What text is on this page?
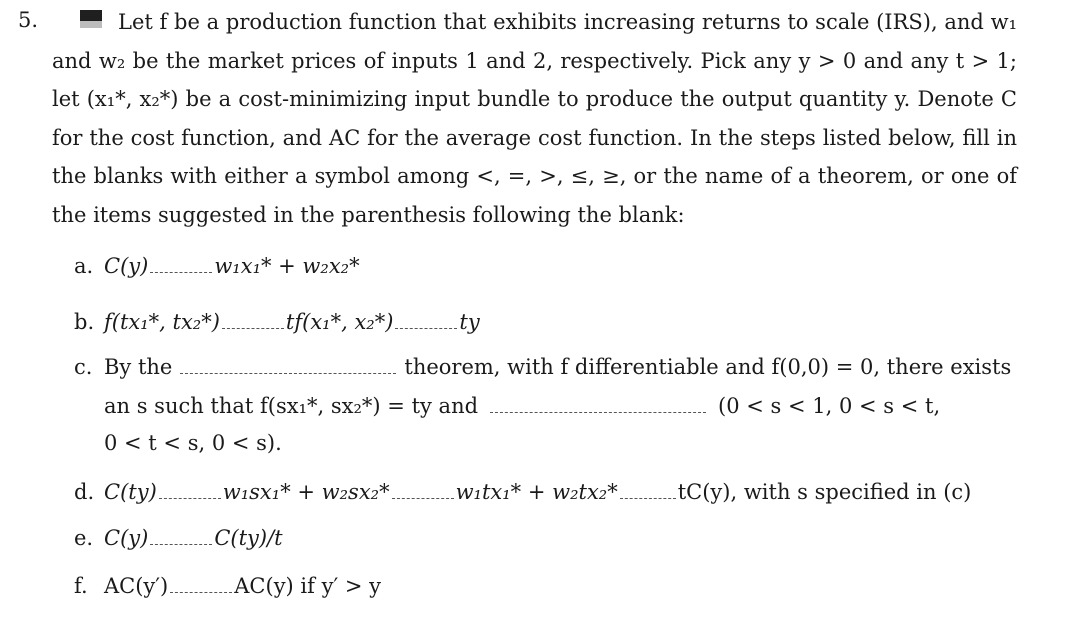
5.	Let f be a production function that exhibits increasing returns to scale (IRS), and w₁ and w₂ be the market prices of inputs 1 and 2, respectively. Pick any y > 0 and any t > 1; let (x₁*, x₂*) be a cost-minimizing input bundle to produce the output quantity y. Denote C for the cost function, and AC for the average cost function. In the steps listed below, fill in the blanks with either a symbol among <, =, >, ≤, ≥, or the name of a theorem, or one of the items suggested in the parenthesis following the blank:
a. C(y)	w₁x₁* + w₂x₂*
b. f(tx₁*, tx₂*)	tf(x₁*, x₂*)	ty
c. By the	theorem, with f differentiable and f(0,0) = 0, there exists
an s such that f(sx₁*, sx₂*) = ty and	(0 < s < 1, 0 < s < t,
0 < t < s, 0 < s).
d. C(ty)	w₁sx₁* + w₂sx₂*	w₁tx₁* + w₂tx₂*	tC(y), with s specified in (c)
e. C(y)	C(ty)/t
f. AC(y′)	AC(y) if y′ > y
